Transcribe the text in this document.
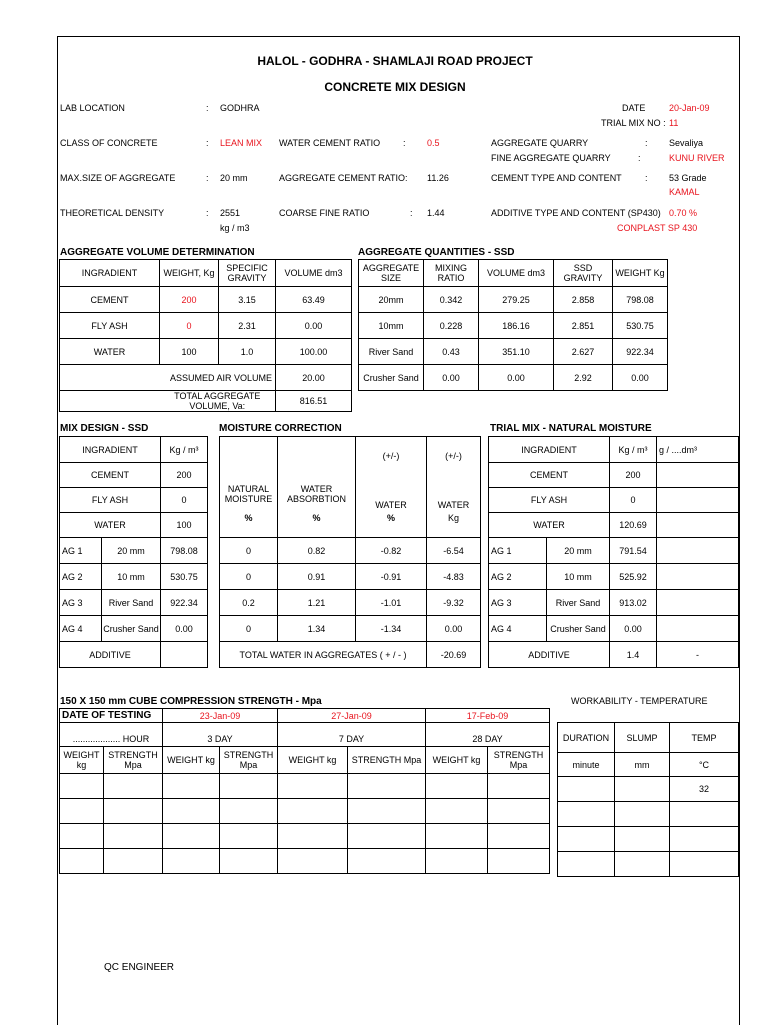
HALOL - GODHRA - SHAMLAJI ROAD PROJECT
CONCRETE MIX DESIGN
LAB LOCATION	: GODHRA	DATE	20-Jan-09
TRIAL MIX NO : 11
CLASS OF CONCRETE	: LEAN MIX WATER CEMENT RATIO	: 0.5	AGGREGATE QUARRY	: Sevaliya
FINE AGGREGATE QUARRY	:	KUNU RIVER
MAX.SIZE OF AGGREGATE	: 20 mm	AGGREGATE CEMENT RATIO: 11.26	CEMENT TYPE AND CONTENT	: 53 Grade
KAMAL
THEORETICAL DENSITY	: 2551
kg / m3
COARSE FINE RATIO	: 1.44	ADDITIVE TYPE AND CONTENT (SP430) 0.70 %
CONPLAST SP 430
AGGREGATE VOLUME DETERMINATION
INGRADIENT	WEIGHT, Kg	SPECIFIC GRAVITY	VOLUME dm3
CEMENT	200	3.15	63.49
FLY ASH	0	2.31	0.00
WATER	100	1.0	100.00
ASSUMED AIR VOLUME			20.00
	TOTAL AGGREGATE VOLUME, Va:		816.51
AGGREGATE QUANTITIES - SSD
AGGREGATE SIZE	MIXING RATIO	VOLUME dm3	SSD GRAVITY	WEIGHT Kg
20mm	0.342	279.25	2.858	798.08
10mm	0.228	186.16	2.851	530.75
River Sand	0.43	351.10	2.627	922.34
Crusher Sand	0.00	0.00	2.92	0.00
MIX DESIGN - SSD
INGRADIENT		Kg / m³
CEMENT		200
FLY ASH		0
WATER		100
AG 1	20 mm	798.08
AG 2	10 mm	530.75
AG 3	River Sand	922.34
AG 4	Crusher Sand	0.00
ADDITIVE		
MOISTURE CORRECTION
		(+/-)	(+/-)
NATURAL MOISTURE	WATER ABSORBTION	WATER	WATER
%	%	%	Kg
0	0.82	-0.82	-6.54
0	0.91	-0.91	-4.83
0.2	1.21	-1.01	-9.32
0	1.34	-1.34	0.00
TOTAL WATER IN AGGREGATES ( + / - )			-20.69
TRIAL MIX - NATURAL MOISTURE
INGRADIENT		Kg / m³	g / ....dm³
CEMENT		200	
FLY ASH		0	
WATER		120.69	
AG 1	20 mm	791.54	
AG 2	10 mm	525.92	
AG 3	River Sand	913.02	
AG 4	Crusher Sand	0.00	
ADDITIVE		1.4	-
150 X 150 mm CUBE COMPRESSION STRENGTH - Mpa
DATE OF TESTING		23-Jan-09		27-Jan-09		17-Feb-09	
................... HOUR		3 DAY		7 DAY		28 DAY	
WEIGHT kg	STRENGTH Mpa	WEIGHT kg	STRENGTH Mpa	WEIGHT kg	STRENGTH Mpa	WEIGHT kg	STRENGTH Mpa

WORKABILITY - TEMPERATURE
DURATION	SLUMP	TEMP
minute	mm	°C
		32

QC ENGINEER
